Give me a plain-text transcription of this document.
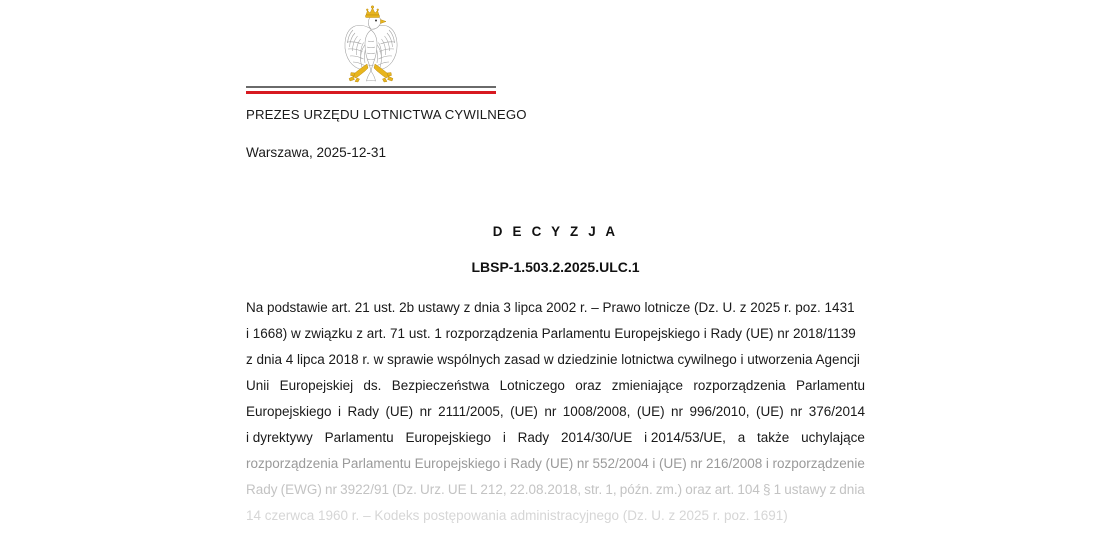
PREZES URZĘDU LOTNICTWA CYWILNEGO
Warszawa, 2025-12-31
D E C Y Z J A
LBSP-1.503.2.2025.ULC.1
Na podstawie art. 21 ust. 2b ustawy z dnia 3 lipca 2002 r. – Prawo lotnicze (Dz. U. z 2025 r. poz. 1431
i 1668) w związku z art. 71 ust. 1 rozporządzenia Parlamentu Europejskiego i Rady (UE) nr 2018/1139
z dnia 4 lipca 2018 r. w sprawie wspólnych zasad w dziedzinie lotnictwa cywilnego i utworzenia Agencji
Unii Europejskiej ds. Bezpieczeństwa Lotniczego oraz zmieniające rozporządzenia Parlamentu
Europejskiego i Rady (UE) nr 2111/2005, (UE) nr 1008/2008, (UE) nr 996/2010, (UE) nr 376/2014
i dyrektywy Parlamentu Europejskiego i Rady 2014/30/UE i 2014/53/UE, a także uchylające
rozporządzenia Parlamentu Europejskiego i Rady (UE) nr 552/2004 i (UE) nr 216/2008 i rozporządzenie
Rady (EWG) nr 3922/91 (Dz. Urz. UE L 212, 22.08.2018, str. 1, późn. zm.) oraz art. 104 § 1 ustawy z dnia
14 czerwca 1960 r. – Kodeks postępowania administracyjnego (Dz. U. z 2025 r. poz. 1691)
